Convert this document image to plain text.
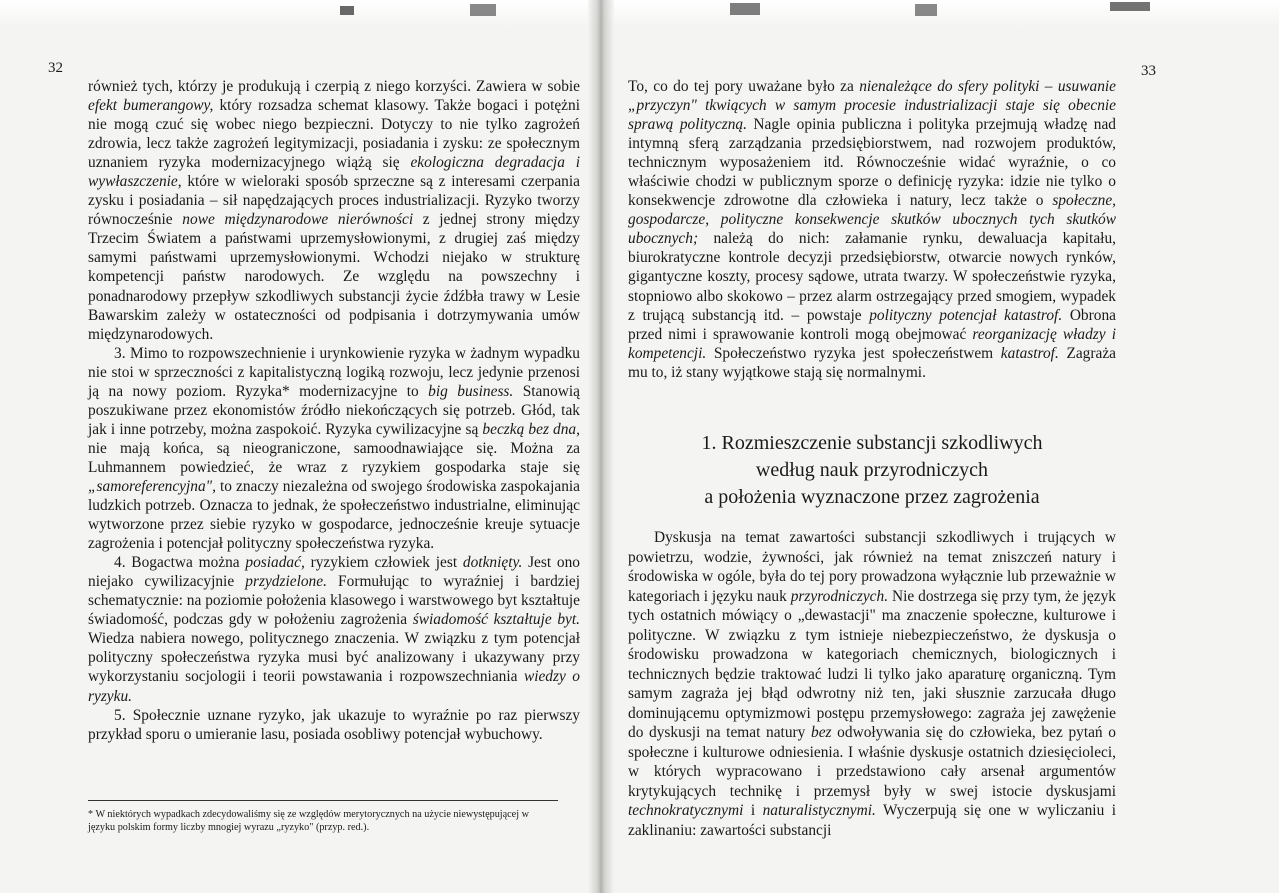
32

również tych, którzy je produkują i czerpią z niego korzyści. Zawiera w sobie efekt bumerangowy, który rozsadza schemat klasowy. Także bogaci i potężni nie mogą czuć się wobec niego bezpieczni. Dotyczy to nie tylko zagrożeń zdrowia, lecz także zagrożeń legitymizacji, posiadania i zysku: ze społecznym uznaniem ryzyka modernizacyjnego wiążą się ekologiczna degradacja i wywłaszczenie, które w wieloraki sposób sprzeczne są z interesami czerpania zysku i posiadania – sił napędzających proces industrializacji. Ryzyko tworzy równocześnie nowe międzynarodowe nierówności z jednej strony między Trzecim Światem a państwami uprzemysłowionymi, z drugiej zaś między samymi państwami uprzemysłowionymi. Wchodzi niejako w strukturę kompetencji państw narodowych. Ze względu na powszechny i ponadnarodowy przepływ szkodliwych substancji życie źdźbła trawy w Lesie Bawarskim zależy w ostateczności od podpisania i dotrzymywania umów międzynarodowych.

3. Mimo to rozpowszechnienie i urynkowienie ryzyka w żadnym wypadku nie stoi w sprzeczności z kapitalistyczną logiką rozwoju, lecz jedynie przenosi ją na nowy poziom. Ryzyka* modernizacyjne to big business. Stanowią poszukiwane przez ekonomistów źródło niekończących się potrzeb. Głód, tak jak i inne potrzeby, można zaspokoić. Ryzyka cywilizacyjne są beczką bez dna, nie mają końca, są nieograniczone, samoodnawiające się. Można za Luhmannem powiedzieć, że wraz z ryzykiem gospodarka staje się „samoreferencyjna", to znaczy niezależna od swojego środowiska zaspokajania ludzkich potrzeb. Oznacza to jednak, że społeczeństwo industrialne, eliminując wytworzone przez siebie ryzyko w gospodarce, jednocześnie kreuje sytuacje zagrożenia i potencjał polityczny społeczeństwa ryzyka.

4. Bogactwa można posiadać, ryzykiem człowiek jest dotknięty. Jest ono niejako cywilizacyjnie przydzielone. Formułując to wyraźniej i bardziej schematycznie: na poziomie położenia klasowego i warstwowego byt kształtuje świadomość, podczas gdy w położeniu zagrożenia świadomość kształtuje byt. Wiedza nabiera nowego, politycznego znaczenia. W związku z tym potencjał polityczny społeczeństwa ryzyka musi być analizowany i ukazywany przy wykorzystaniu socjologii i teorii powstawania i rozpowszechniania wiedzy o ryzyku.

5. Społecznie uznane ryzyko, jak ukazuje to wyraźnie po raz pierwszy przykład sporu o umieranie lasu, posiada osobliwy potencjał wybuchowy.

* W niektórych wypadkach zdecydowaliśmy się ze względów merytorycznych na użycie niewystępującej w języku polskim formy liczby mnogiej wyrazu „ryzyko" (przyp. red.).
33

To, co do tej pory uważane było za nienależące do sfery polityki – usuwanie „przyczyn" tkwiących w samym procesie industrializacji staje się obecnie sprawą polityczną. Nagle opinia publiczna i polityka przejmują władzę nad intymną sferą zarządzania przedsiębiorstwem, nad rozwojem produktów, technicznym wyposażeniem itd. Równocześnie widać wyraźnie, o co właściwie chodzi w publicznym sporze o definicję ryzyka: idzie nie tylko o konsekwencje zdrowotne dla człowieka i natury, lecz także o społeczne, gospodarcze, polityczne konsekwencje skutków ubocznych tych skutków ubocznych; należą do nich: załamanie rynku, dewaluacja kapitału, biurokratyczne kontrole decyzji przedsiębiorstw, otwarcie nowych rynków, gigantyczne koszty, procesy sądowe, utrata twarzy. W społeczeństwie ryzyka, stopniowo albo skokowo – przez alarm ostrzegający przed smogiem, wypadek z trującą substancją itd. – powstaje polityczny potencjał katastrof. Obrona przed nimi i sprawowanie kontroli mogą obejmować reorganizację władzy i kompetencji. Społeczeństwo ryzyka jest społeczeństwem katastrof. Zagraża mu to, iż stany wyjątkowe stają się normalnymi.

1. Rozmieszczenie substancji szkodliwych
według nauk przyrodniczych
a położenia wyznaczone przez zagrożenia

Dyskusja na temat zawartości substancji szkodliwych i trujących w powietrzu, wodzie, żywności, jak również na temat zniszczeń natury i środowiska w ogóle, była do tej pory prowadzona wyłącznie lub przeważnie w kategoriach i języku nauk przyrodniczych. Nie dostrzega się przy tym, że język tych ostatnich mówiący o „dewastacji" ma znaczenie społeczne, kulturowe i polityczne. W związku z tym istnieje niebezpieczeństwo, że dyskusja o środowisku prowadzona w kategoriach chemicznych, biologicznych i technicznych będzie traktować ludzi li tylko jako aparaturę organiczną. Tym samym zagraża jej błąd odwrotny niż ten, jaki słusznie zarzucała długo dominującemu optymizmowi postępu przemysłowego: zagraża jej zawężenie do dyskusji na temat natury bez odwoływania się do człowieka, bez pytań o społeczne i kulturowe odniesienia. I właśnie dyskusje ostatnich dziesięcioleci, w których wypracowano i przedstawiono cały arsenał argumentów krytykujących technikę i przemysł były w swej istocie dyskusjami technokratycznymi i naturalistycznymi. Wyczerpują się one w wyliczaniu i zaklinaniu: zawartości substancji
